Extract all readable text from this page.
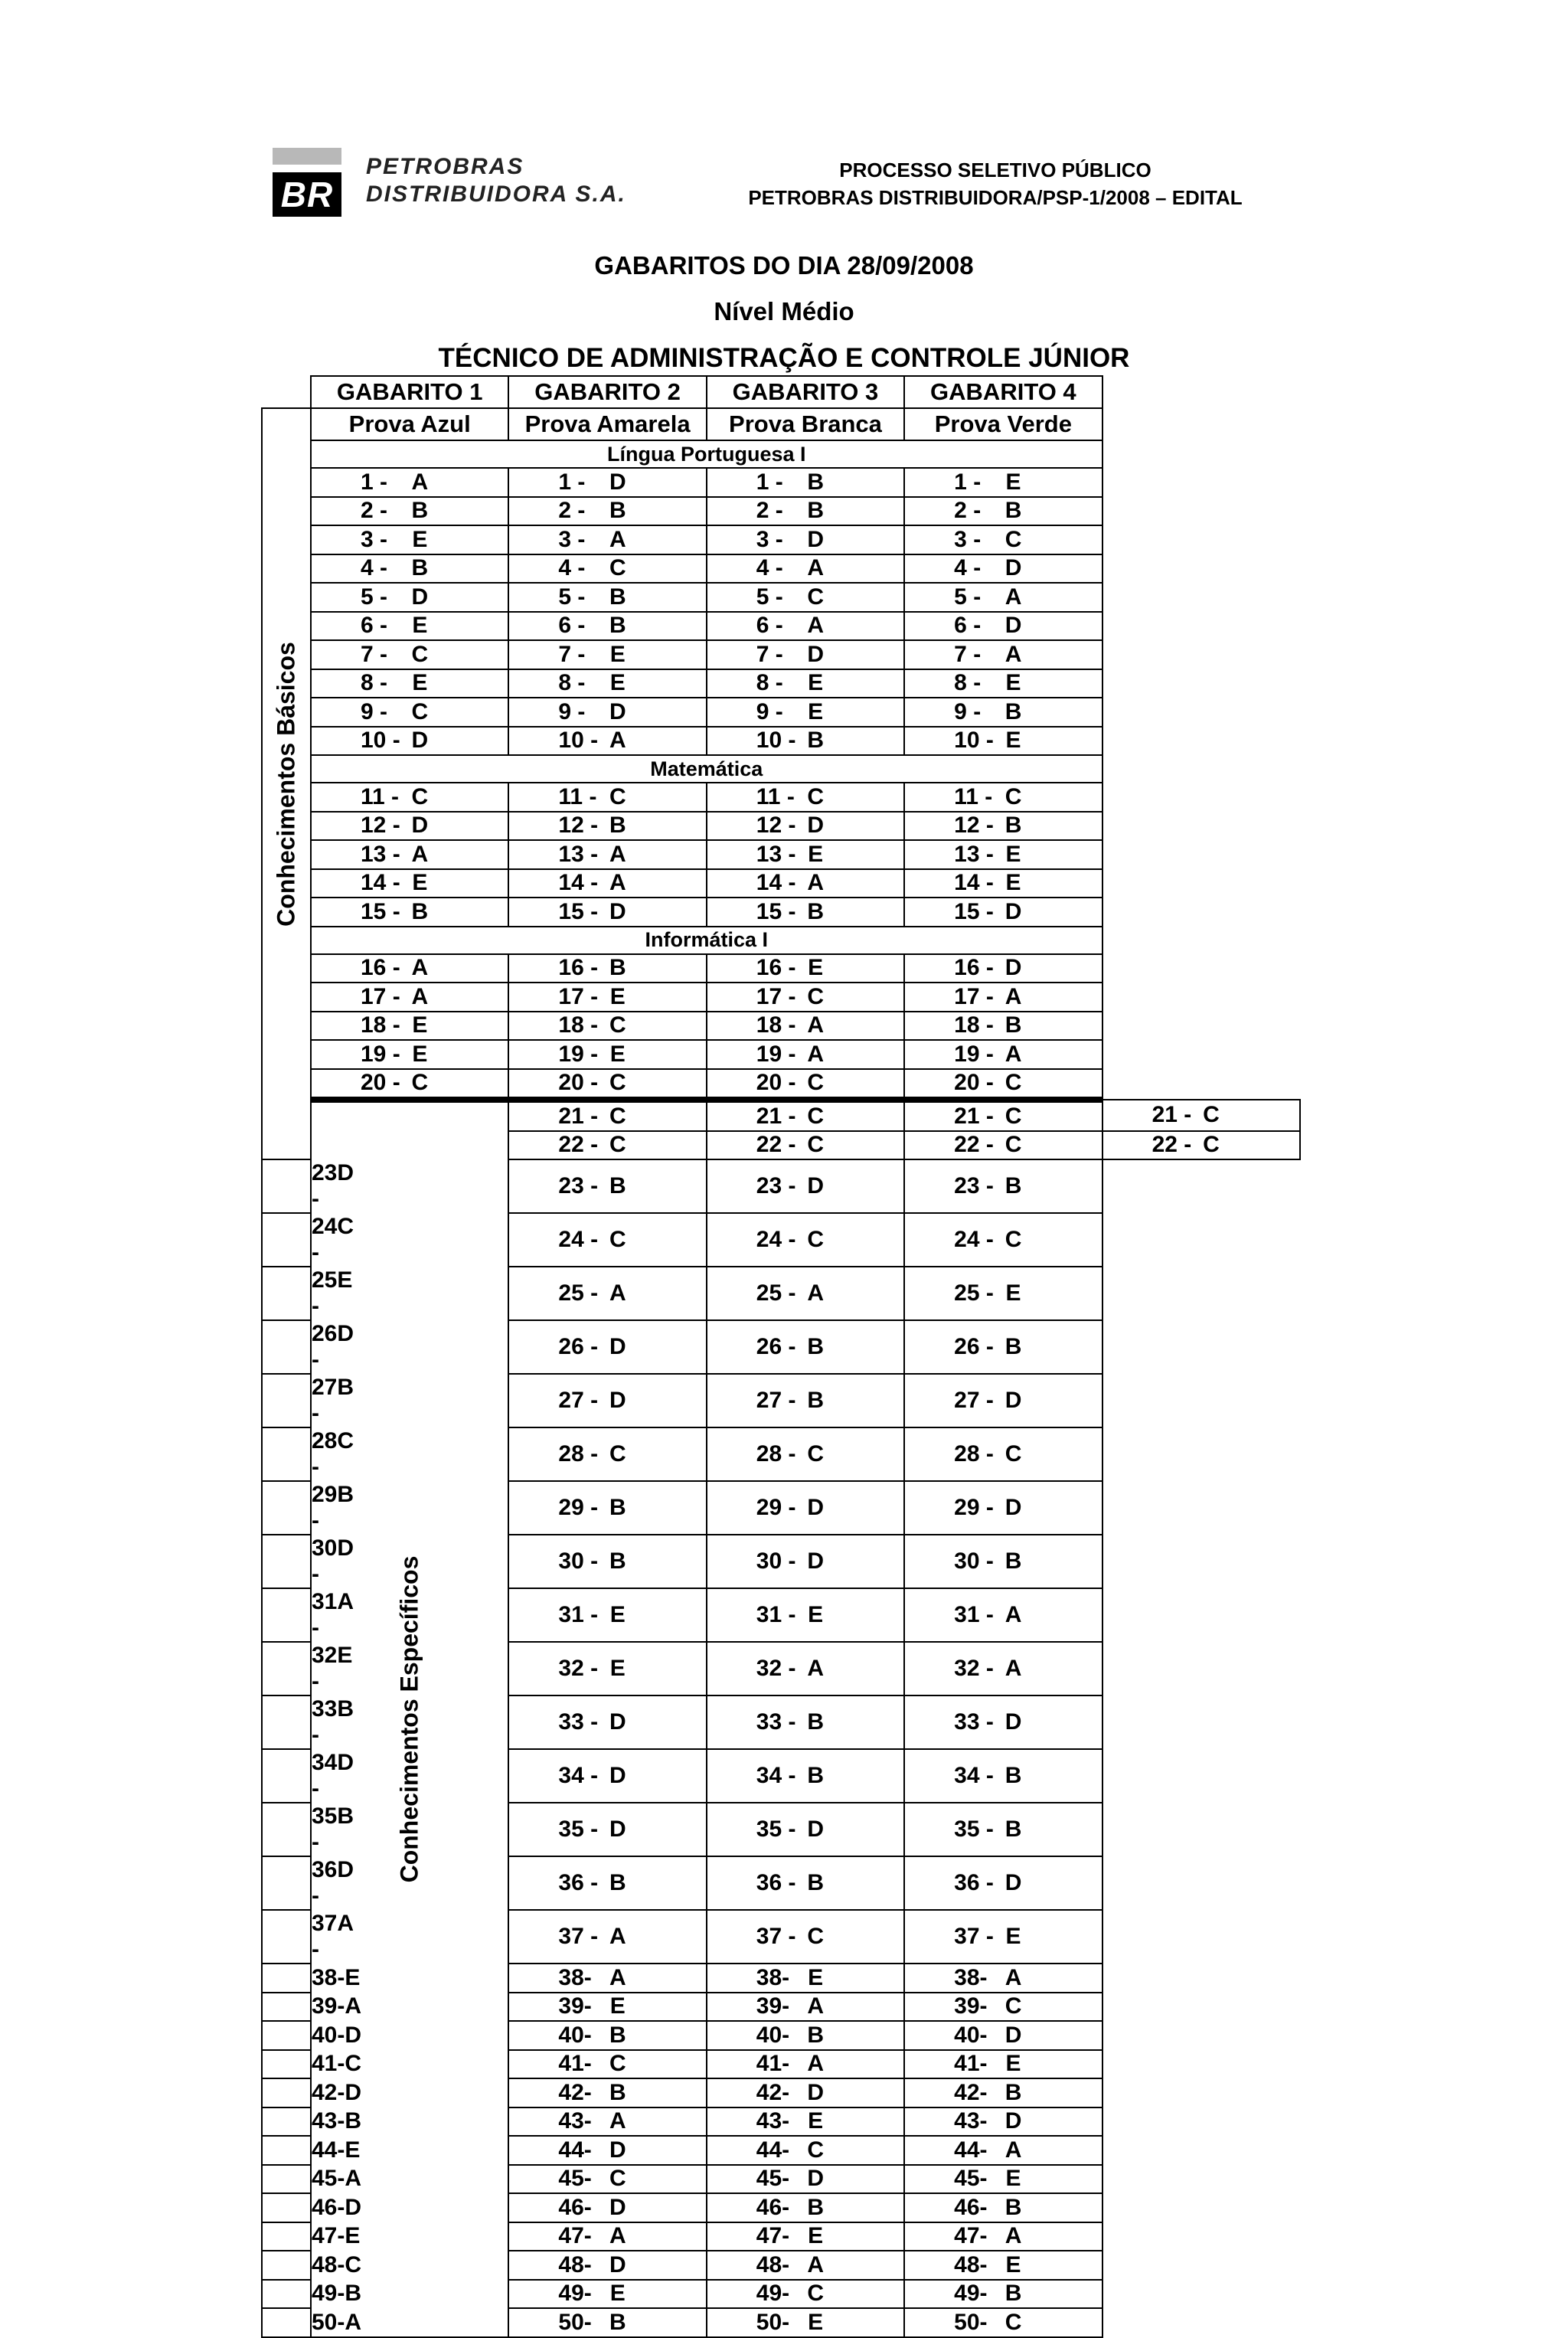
BR
PETROBRAS
DISTRIBUIDORA S.A.
PROCESSO SELETIVO PÚBLICO
PETROBRAS DISTRIBUIDORA/PSP-1/2008 – EDITAL
GABARITOS DO DIA 28/09/2008
Nível Médio
TÉCNICO DE ADMINISTRAÇÃO E CONTROLE JÚNIOR
	GABARITO 1	GABARITO 2	GABARITO 3	GABARITO 4	

Conhecimentos Básicos	Prova Azul	Prova Amarela	Prova Branca	Prova Verde	
	Língua Portuguesa I				

	1 - A	1 - D	1 - B	1 - E	

	2 - B	2 - B	2 - B	2 - B	

	3 - E	3 - A	3 - D	3 - C	

	4 - B	4 - C	4 - A	4 - D	

	5 - D	5 - B	5 - C	5 - A	

	6 - E	6 - B	6 - A	6 - D	

	7 - C	7 - E	7 - D	7 - A	

	8 - E	8 - E	8 - E	8 - E	

	9 - C	9 - D	9 - E	9 - B	

	10 - D	10 - A	10 - B	10 - E	

	Matemática				

	11 - C	11 - C	11 - C	11 - C	

	12 - D	12 - B	12 - D	12 - B	

	13 - A	13 - A	13 - E	13 - E	

	14 - E	14 - A	14 - A	14 - E	

	15 - B	15 - D	15 - B	15 - D	

	Informática I				

	16 - A	16 - B	16 - E	16 - D	

	17 - A	17 - E	17 - C	17 - A	

	18 - E	18 - C	18 - A	18 - B	

	19 - E	19 - E	19 - A	19 - A	

	20 - C	20 - C	20 - C	20 - C	

	Conhecimentos Específicos	21 - C	21 - C	21 - C	21 - C

		22 - C	22 - C	22 - C	22 - C

23 -
D		23 - B	23 - D	23 - B	

24 -
C		24 - C	24 - C	24 - C	

25 -
E		25 - A	25 - A	25 - E	

26 -
D		26 - D	26 - B	26 - B	

27 -
B		27 - D	27 - B	27 - D	

28 -
C		28 - C	28 - C	28 - C	

29 -
B		29 - B	29 - D	29 - D	

30 -
D		30 - B	30 - D	30 - B	

31 -
A		31 - E	31 - E	31 - A	

32 -
E		32 - E	32 - A	32 - A	

33 -
B		33 - D	33 - B	33 - D	

34 -
D		34 - D	34 - B	34 - B	

35 -
B		35 - D	35 - D	35 - B	

36 -
D		36 - B	36 - B	36 - D	

37 -
A		37 - A	37 - C	37 - E	

38- E		38- A	38- E	38- A	

39- A		39- E	39- A	39- C	

40- D		40- B	40- B	40- D	

41- C		41- C	41- A	41- E	

42- D		42- B	42- D	42- B	

43- B		43- A	43- E	43- D	

44- E		44- D	44- C	44- A	

45- A		45- C	45- D	45- E	

46- D		46- D	46- B	46- B	

47- E		47- A	47- E	47- A	

48- C		48- D	48- A	48- E	

49- B		49- E	49- C	49- B	

50- A		50- B	50- E	50- C	
